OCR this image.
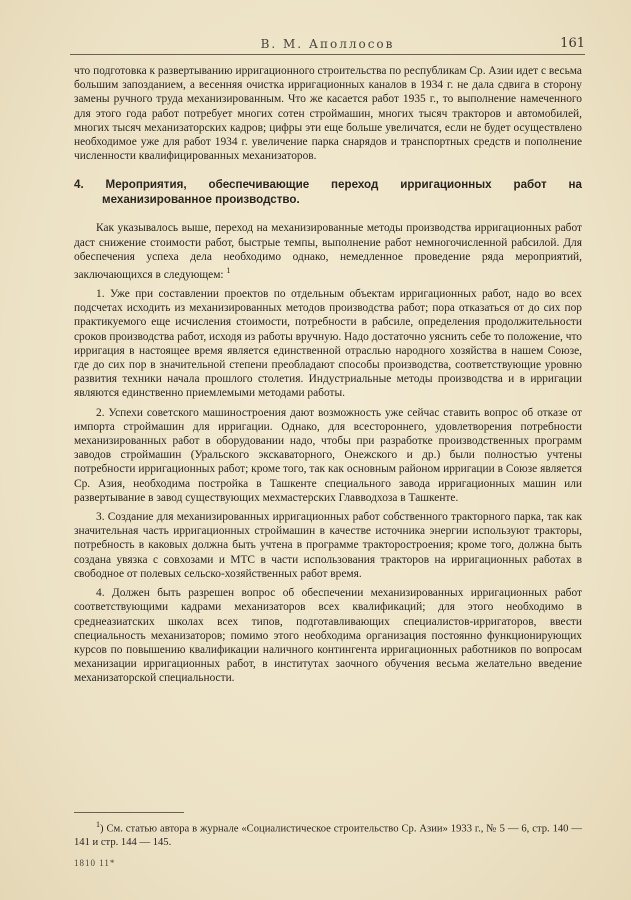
В. М. Аполлосов	161

что подготовка к развертыванию ирригационного строительства по республикам Ср. Азии идет с весьма большим запозданием, а весенняя очистка ирригационных каналов в 1934 г. не дала сдвига в сторону замены ручного труда механизированным. Что же касается работ 1935 г., то выполнение намеченного для этого года работ потребует многих сотен строймашин, многих тысяч тракторов и автомобилей, многих тысяч механизаторских кадров; цифры эти еще больше увеличатся, если не будет осуществлено необходимое уже для работ 1934 г. увеличение парка снарядов и транспортных средств и пополнение численности квалифицированных механизаторов.

4. Мероприятия, обеспечивающие переход ирригационных работ на механизированное производство.

Как указывалось выше, переход на механизированные методы производства ирригационных работ даст снижение стоимости работ, быстрые темпы, выполнение работ немногочисленной рабсилой. Для обеспечения успеха дела необходимо однако, немедленное проведение ряда мероприятий, заключающихся в следующем: $^1$

1. Уже при составлении проектов по отдельным объектам ирригационных работ, надо во всех подсчетах исходить из механизированных методов производства работ; пора отказаться от до сих пор практикуемого еще исчисления стоимости, потребности в рабсиле, определения продолжительности сроков производства работ, исходя из работы вручную. Надо достаточно уяснить себе то положение, что ирригация в настоящее время является единственной отраслью народного хозяйства в нашем Союзе, где до сих пор в значительной степени преобладают способы производства, соответствующие уровню развития техники начала прошлого столетия. Индустриальные методы производства и в ирригации являются единственно приемлемыми методами работы.

2. Успехи советского машиностроения дают возможность уже сейчас ставить вопрос об отказе от импорта строймашин для ирригации. Однако, для всестороннего, удовлетворения потребности механизированных работ в оборудовании надо, чтобы при разработке производственных программ заводов строймашин (Уральского экскаваторного, Онежского и др.) были полностью учтены потребности ирригационных работ; кроме того, так как основным районом ирригации в Союзе является Ср. Азия, необходима постройка в Ташкенте специального завода ирригационных машин или развертывание в завод существующих мехмастерских Главводхоза в Ташкенте.

3. Создание для механизированных ирригационных работ собственного тракторного парка, так как значительная часть ирригационных строймашин в качестве источника энергии используют тракторы, потребность в каковых должна быть учтена в программе тракторостроения; кроме того, должна быть создана увязка с совхозами и МТС в части использования тракторов на ирригационных работах в свободное от полевых сельско-хозяйственных работ время.

4. Должен быть разрешен вопрос об обеспечении механизированных ирригационных работ соответствующими кадрами механизаторов всех квалификаций; для этого необходимо в среднеазиатских школах всех типов, подготавливающих специалистов-ирригаторов, ввести специальность механизаторов; помимо этого необходима организация постоянно функционирующих курсов по повышению квалификации наличного контингента ирригационных работников по вопросам механизации ирригационных работ, в институтах заочного обучения весьма желательно введение механизаторской специальности.

$^1$) См. статью автора в журнале «Социалистическое строительство Ср. Азии» 1933 г., № 5 — 6, стр. 140 — 141 и стр. 144 — 145.
1810 11*
